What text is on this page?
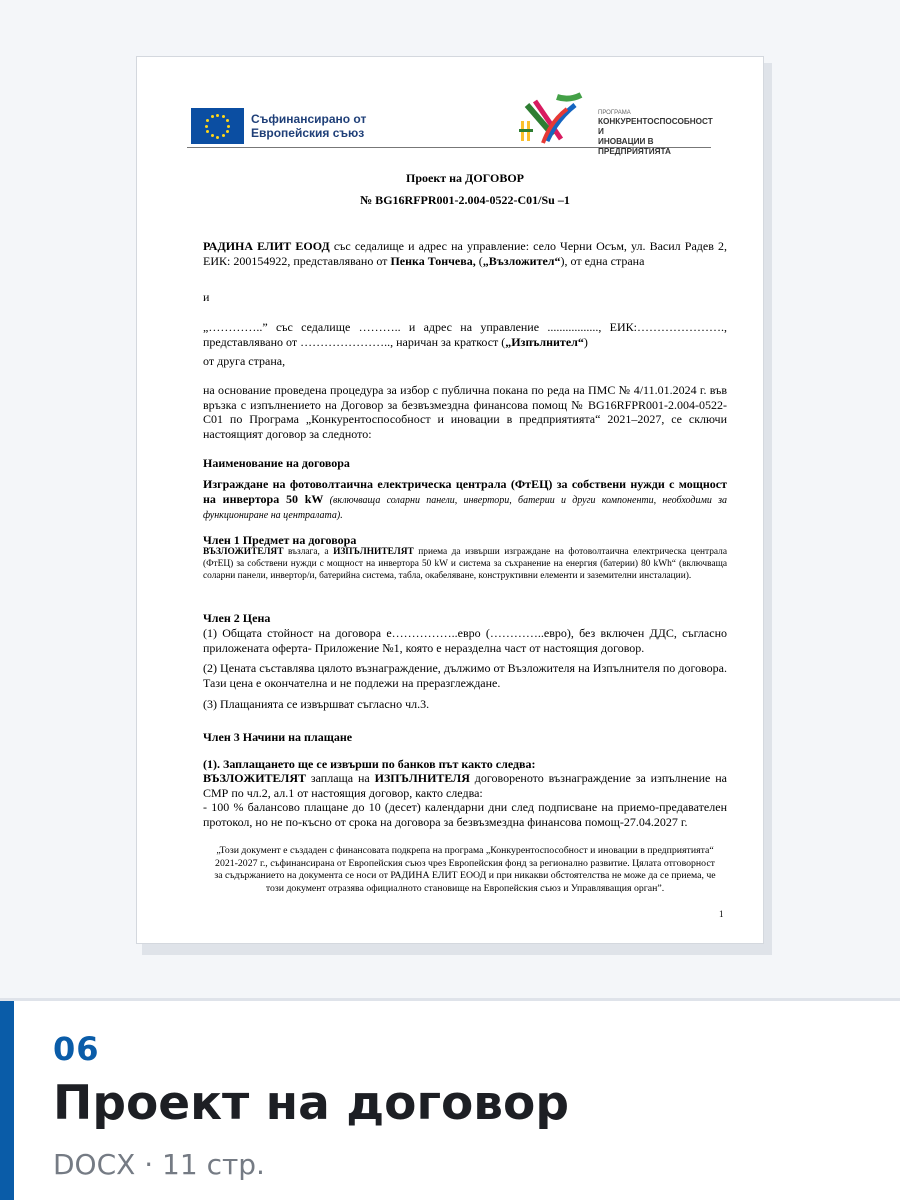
Съфинансирано от
Европейския съюз
ПРОГРАМА
КОНКУРЕНТОСПОСОБНОСТ И
ИНОВАЦИИ В ПРЕДПРИЯТИЯТА
Проект на ДОГОВОР
№ BG16RFPR001-2.004-0522-C01/Su –1
РАДИНА ЕЛИТ ЕООД със седалище и адрес на управление: село Черни Осъм, ул. Васил Радев 2, ЕИК: 200154922, представлявано от Пенка Тончева, („Възложител“), от една страна
и
„…………..” със седалище ……….. и адрес на управление ................., ЕИК:…………………., представлявано от ………………….., наричан за краткост („Изпълнител“)
от друга страна,
на основание проведена процедура за избор с публична покана по реда на ПМС № 4/11.01.2024 г. във връзка с изпълнението на Договор за безвъзмездна финансова помощ № BG16RFPR001-2.004-0522-C01 по Програма „Конкурентоспособност и иновации в предприятията“ 2021–2027, се сключи настоящият договор за следното:
Наименование на договора
Изграждане на фотоволтаична електрическа централа (ФтЕЦ) за собствени нужди с мощност на инвертора 50 kW (включваща соларни панели, инвертори, батерии и други компоненти, необходими за функциониране на централата).
Член 1 Предмет на договора
ВЪЗЛОЖИТЕЛЯТ възлага, а ИЗПЪЛНИТЕЛЯТ приема да извърши изграждане на фотоволтаична електрическа централа (ФтЕЦ) за собствени нужди с мощност на инвертора 50 kW и система за съхранение на енергия (батерии) 80 kWh“ (включваща соларни панели, инвертор/и, батерийна система, табла, окабеляване, конструктивни елементи и заземителни инсталации).
Член 2 Цена
(1) Общата стойност на договора е……………..евро (…………..евро), без включен ДДС, съгласно приложената оферта- Приложение №1, която е неразделна част от настоящия договор.
(2) Цената съставлява цялото възнаграждение, дължимо от Възложителя на Изпълнителя по договора. Тази цена е окончателна и не подлежи на преразглеждане.
(3) Плащанията се извършват съгласно чл.3.
Член 3 Начини на плащане
(1). Заплащането ще се извърши по банков път както следва:
ВЪЗЛОЖИТЕЛЯТ заплаща на ИЗПЪЛНИТЕЛЯ договореното възнаграждение за изпълнение на СМР по чл.2, ал.1 от настоящия договор, както следва:
- 100 % балансово плащане до 10 (десет) календарни дни след подписване на приемо-предавателен протокол, но не по-късно от срока на договора за безвъзмездна финансова помощ-27.04.2027 г.
„Този документ е създаден с финансовата подкрепа на програма „Конкурентоспособност и иновации в предприятията“ 2021-2027 г., съфинансирана от Европейския съюз чрез Европейския фонд за регионално развитие. Цялата отговорност за съдържанието на документа се носи от РАДИНА ЕЛИТ ЕООД и при никакви обстоятелства не може да се приема, че този документ отразява официалното становище на Европейския съюз и Управляващия орган”.
1
06
Проект на договор
DOCX · 11 стр.
